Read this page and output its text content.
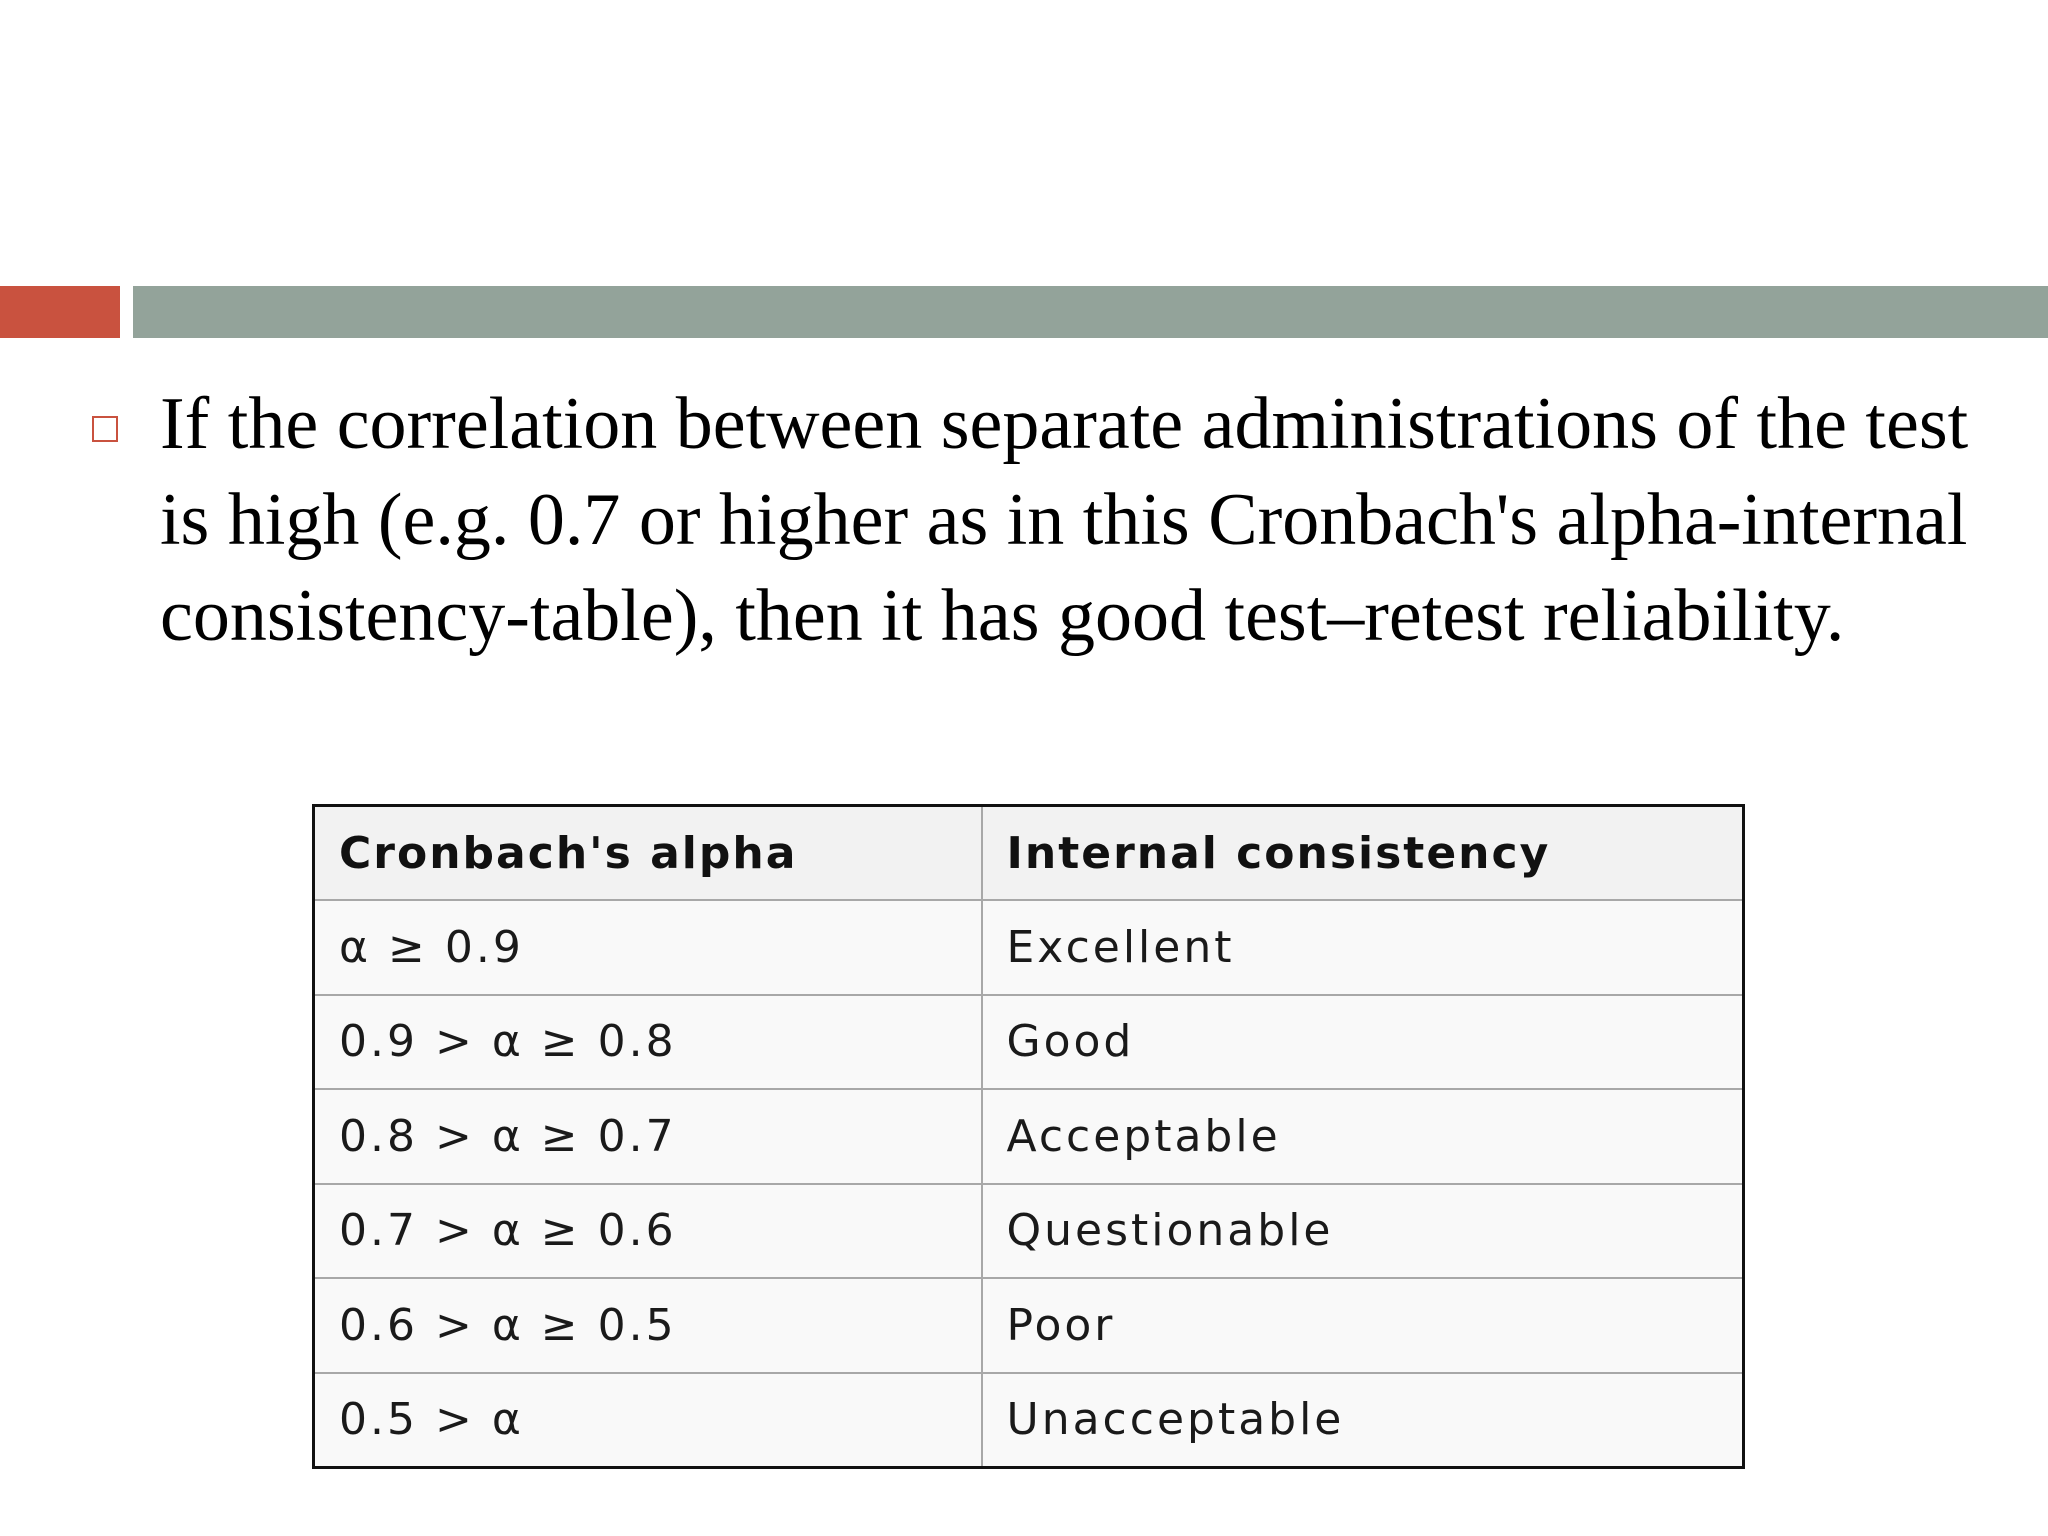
If the correlation between separate administrations of the test is high (e.g. 0.7 or higher as in this Cronbach's alpha-internal consistency-table), then it has good test–retest reliability.
Cronbach's alpha	Internal consistency
α ≥ 0.9	Excellent
0.9 > α ≥ 0.8	Good
0.8 > α ≥ 0.7	Acceptable
0.7 > α ≥ 0.6	Questionable
0.6 > α ≥ 0.5	Poor
0.5 > α	Unacceptable
